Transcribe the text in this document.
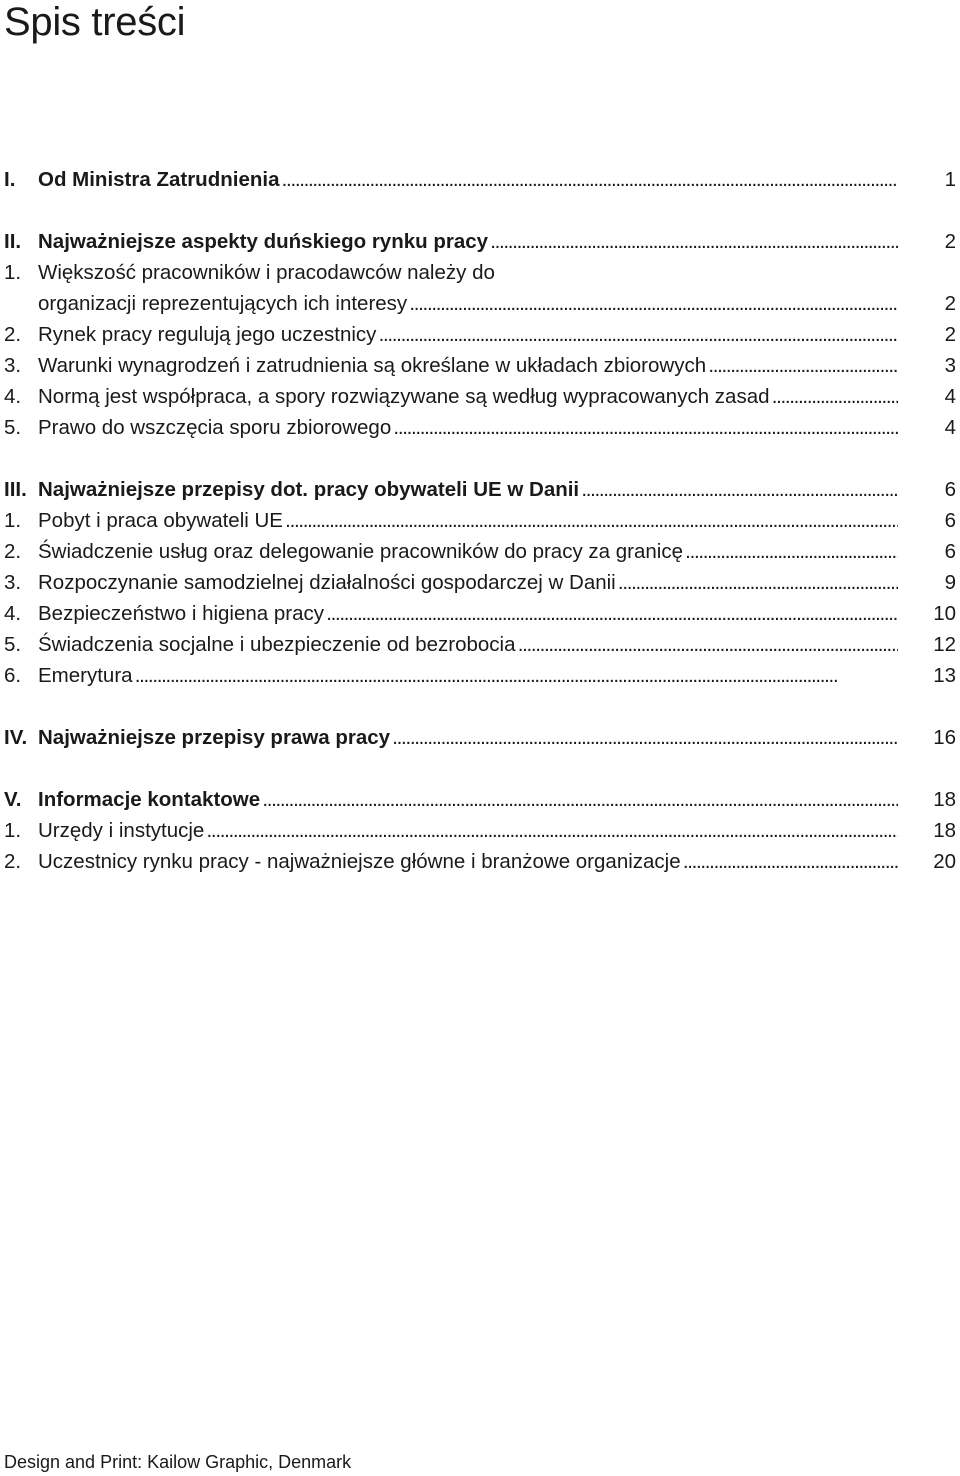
Spis treści
I. Od Ministra Zatrudnienia . . .	1
II. Najważniejsze aspekty duńskiego rynku pracy . . .	2
1. Większość pracowników i pracodawców należy do
organizacji reprezentujących ich interesy . . .	2
2. Rynek pracy regulują jego uczestnicy . . .	2
3. Warunki wynagrodzeń i zatrudnienia są określane w układach zbiorowych . . .	3
4. Normą jest współpraca, a spory rozwiązywane są według wypracowanych zasad . . .	4
5. Prawo do wszczęcia sporu zbiorowego . . .	4
III. Najważniejsze przepisy dot. pracy obywateli UE w Danii . . .	6
1. Pobyt i praca obywateli UE . . .	6
2. Świadczenie usług oraz delegowanie pracowników do pracy za granicę . . .	6
3. Rozpoczynanie samodzielnej działalności gospodarczej w Danii . . .	9
4. Bezpieczeństwo i higiena pracy . . .	10
5. Świadczenia socjalne i ubezpieczenie od bezrobocia . . .	12
6. Emerytura . . .	13
IV. Najważniejsze przepisy prawa pracy . . .	16
V. Informacje kontaktowe . . .	18
1. Urzędy i instytucje . . .	18
2. Uczestnicy rynku pracy - najważniejsze główne i branżowe organizacje . . .	20
Design and Print: Kailow Graphic, Denmark
